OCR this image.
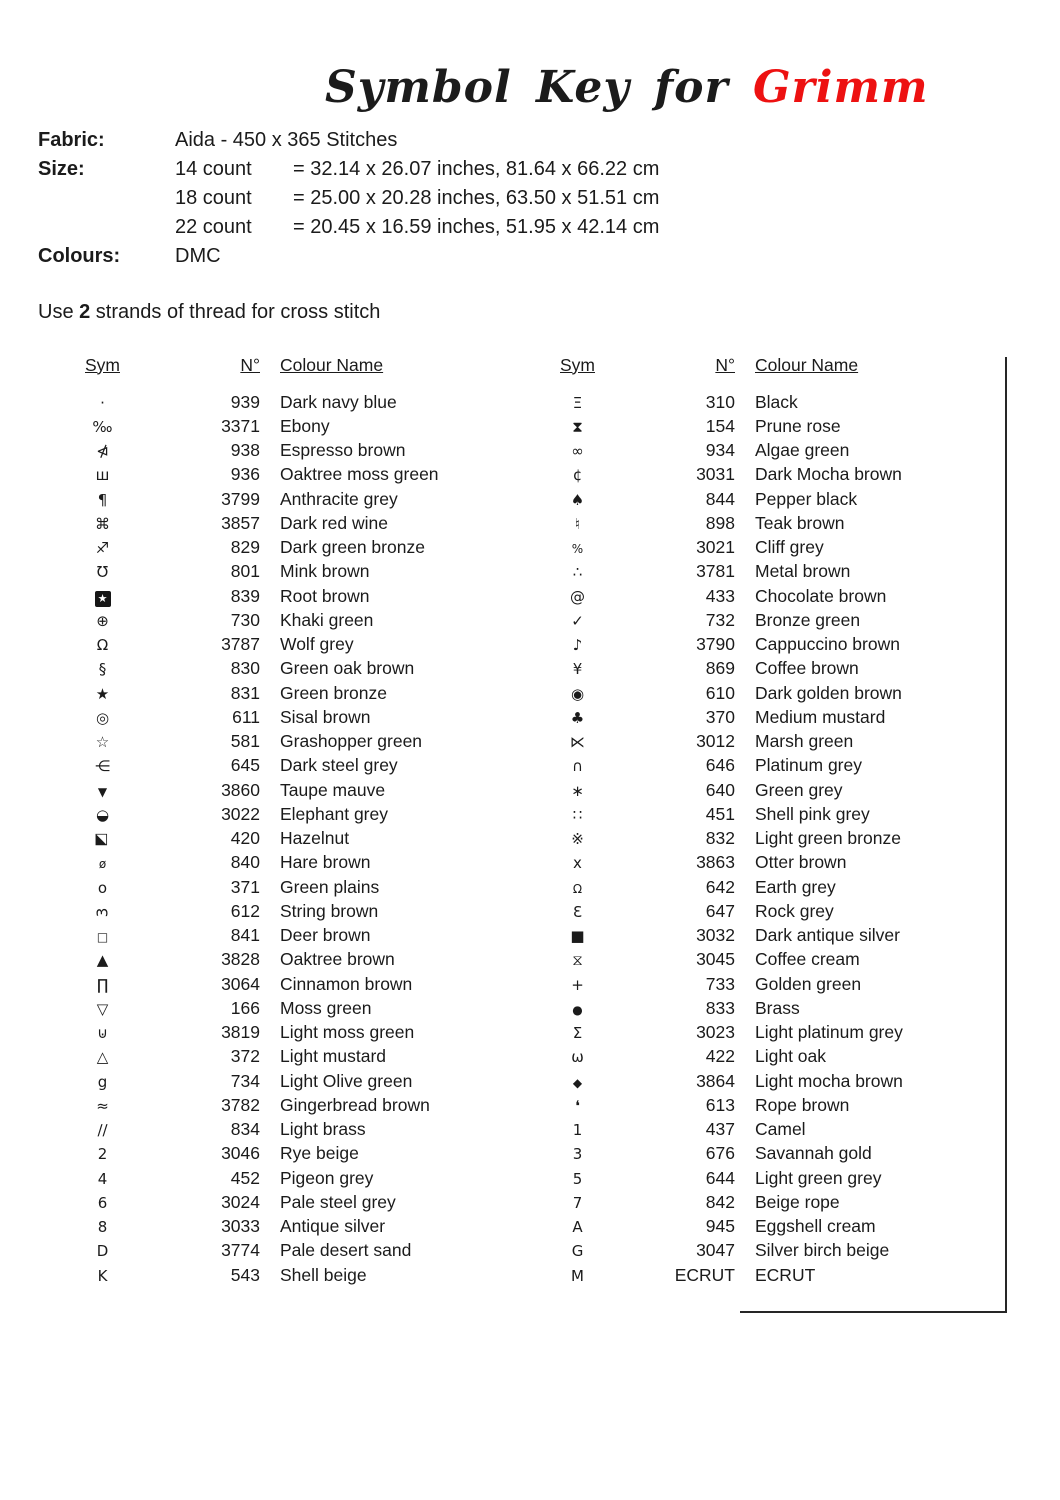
Symbol Key for Grimm
Fabric:	Aida - 450 x 365 Stitches
Size:	14 count	= 32.14 x 26.07 inches, 81.64 x 66.22 cm
18 count	= 25.00 x 20.28 inches, 63.50 x 51.51 cm
22 count	= 20.45 x 16.59 inches, 51.95 x 42.14 cm
Colours:	DMC
Use 2 strands of thread for cross stitch
Sym	N°	Colour Name
·	939	Dark navy blue
‰	3371	Ebony
⋪	938	Espresso brown
ш	936	Oaktree moss green
¶	3799	Anthracite grey
⌘	3857	Dark red wine
♐	829	Dark green bronze
Ʊ	801	Mink brown
★	839	Root brown
⊕	730	Khaki green
Ω	3787	Wolf grey
§	830	Green oak brown
★	831	Green bronze
◎	611	Sisal brown
☆	581	Grashopper green
⋲	645	Dark steel grey
▼	3860	Taupe mauve
◒	3022	Elephant grey
◪	420	Hazelnut
ø	840	Hare brown
o	371	Green plains
3	612	String brown
□	841	Deer brown
▲	3828	Oaktree brown
∏	3064	Cinnamon brown
▽	166	Moss green
⊍	3819	Light moss green
△	372	Light mustard
g	734	Light Olive green
≈	3782	Gingerbread brown
∕∕	834	Light brass
2	3046	Rye beige
4	452	Pigeon grey
6	3024	Pale steel grey
8	3033	Antique silver
D	3774	Pale desert sand
K	543	Shell beige
Sym	N°	Colour Name
Ξ	310	Black
⧗	154	Prune rose
∞	934	Algae green
¢	3031	Dark Mocha brown
♠	844	Pepper black
♮	898	Teak brown
%	3021	Cliff grey
∴	3781	Metal brown
@	433	Chocolate brown
✓	732	Bronze green
♪	3790	Cappuccino brown
¥	869	Coffee brown
◉	610	Dark golden brown
♣	370	Medium mustard
⋉	3012	Marsh green
∩	646	Platinum grey
∗	640	Green grey
∷	451	Shell pink grey
※	832	Light green bronze
x	3863	Otter brown
Ω	642	Earth grey
Ɛ	647	Rock grey
■	3032	Dark antique silver
⧖	3045	Coffee cream
+	733	Golden green
●	833	Brass
Σ	3023	Light platinum grey
ω	422	Light oak
◆	3864	Light mocha brown
❛	613	Rope brown
1	437	Camel
3	676	Savannah gold
5	644	Light green grey
7	842	Beige rope
A	945	Eggshell cream
G	3047	Silver birch beige
M	ECRUT	ECRUT
